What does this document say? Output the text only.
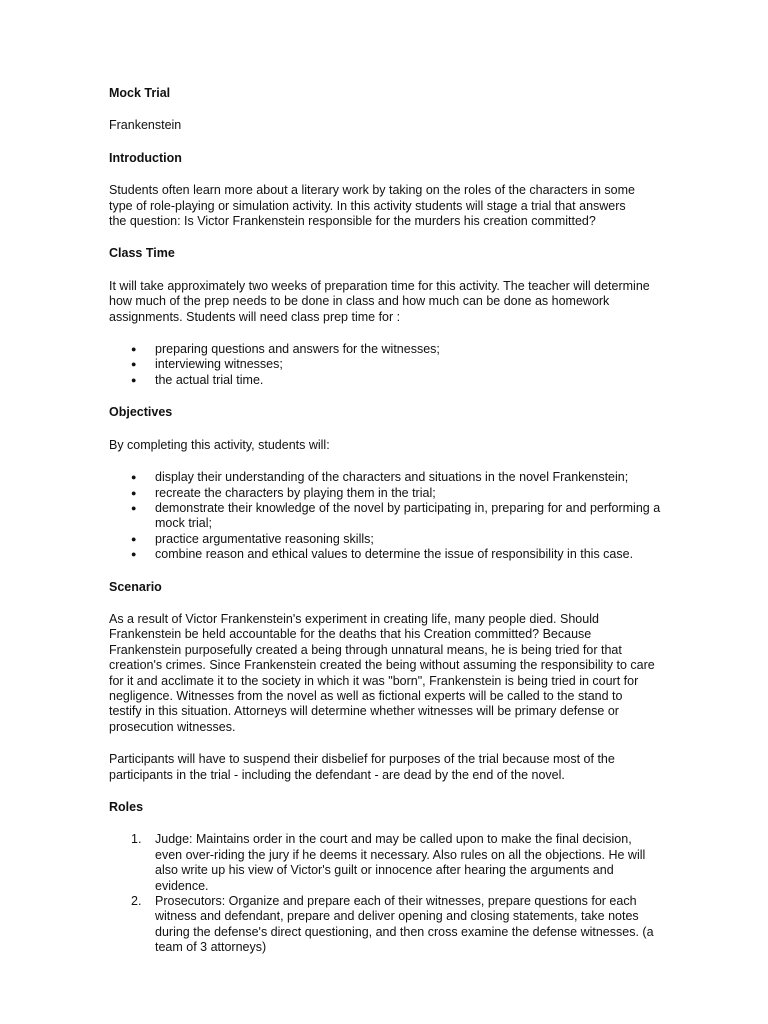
Mock Trial

Frankenstein

Introduction

Students often learn more about a literary work by taking on the roles of the characters in some type of role-playing or simulation activity. In this activity students will stage a trial that answers the question: Is Victor Frankenstein responsible for the murders his creation committed?

Class Time

It will take approximately two weeks of preparation time for this activity. The teacher will determine how much of the prep needs to be done in class and how much can be done as homework assignments. Students will need class prep time for :

● preparing questions and answers for the witnesses;
● interviewing witnesses;
● the actual trial time.
Objectives

By completing this activity, students will:

● display their understanding of the characters and situations in the novel Frankenstein;
● recreate the characters by playing them in the trial;
● demonstrate their knowledge of the novel by participating in, preparing for and performing a mock trial;
● practice argumentative reasoning skills;
● combine reason and ethical values to determine the issue of responsibility in this case.
Scenario

As a result of Victor Frankenstein's experiment in creating life, many people died. Should Frankenstein be held accountable for the deaths that his Creation committed? Because Frankenstein purposefully created a being through unnatural means, he is being tried for that creation's crimes. Since Frankenstein created the being without assuming the responsibility to care for it and acclimate it to the society in which it was "born", Frankenstein is being tried in court for negligence. Witnesses from the novel as well as fictional experts will be called to the stand to testify in this situation. Attorneys will determine whether witnesses will be primary defense or prosecution witnesses.

Participants will have to suspend their disbelief for purposes of the trial because most of the participants in the trial - including the defendant - are dead by the end of the novel.

Roles
1. Judge: Maintains order in the court and may be called upon to make the final decision, even over-riding the jury if he deems it necessary. Also rules on all the objections. He will also write up his view of Victor's guilt or innocence after hearing the arguments and evidence.
2. Prosecutors: Organize and prepare each of their witnesses, prepare questions for each witness and defendant, prepare and deliver opening and closing statements, take notes during the defense's direct questioning, and then cross examine the defense witnesses. (a team of 3 attorneys)
